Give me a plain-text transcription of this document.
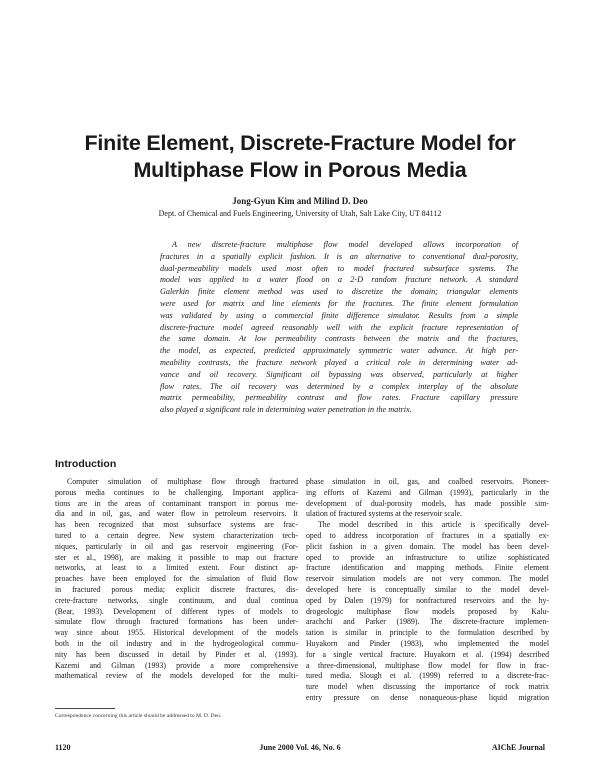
Finite Element, Discrete-Fracture Model for
Multiphase Flow in Porous Media
Jong-Gyun Kim and Milind D. Deo
Dept. of Chemical and Fuels Engineering, University of Utah, Salt Lake City, UT 84112
A new discrete-fracture multiphase flow model developed allows incorporation of
fractures in a spatially explicit fashion. It is an alternative to conventional dual-porosity,
dual-permeability models used most often to model fractured subsurface systems. The
model was applied to a water flood on a 2-D random fracture network. A standard
Galerkin finite element method was used to discretize the domain; triangular elements
were used for matrix and line elements for the fractures. The finite element formulation
was validated by using a commercial finite difference simulator. Results from a simple
discrete-fracture model agreed reasonably well with the explicit fracture representation of
the same domain. At low permeability contrasts between the matrix and the fractures,
the model, as expected, predicted approximately symmetric water advance. At high per-
meability contrasts, the fracture network played a critical role in determining water ad-
vance and oil recovery. Significant oil bypassing was observed, particularly at higher
flow rates. The oil recovery was determined by a complex interplay of the absolute
matrix permeability, permeability contrast and flow rates. Fracture capillary pressure
also played a significant role in determining water penetration in the matrix.
Introduction
Computer simulation of multiphase flow through fractured
porous media continues to be challenging. Important applica-
tions are in the areas of contaminant transport in porous me-
dia and in oil, gas, and water flow in petroleum reservoirs. It
has been recognized that most subsurface systems are frac-
tured to a certain degree. New system characterization tech-
niques, particularly in oil and gas reservoir engineering (For-
ster et al., 1998), are making it possible to map out fracture
networks, at least to a limited extent. Four distinct ap-
proaches have been employed for the simulation of fluid flow
in fractured porous media; explicit discrete fractures, dis-
crete-fracture networks, single continuum, and dual continua
(Bear, 1993). Development of different types of models to
simulate flow through fractured formations has been under-
way since about 1955. Historical development of the models
both in the oil industry and in the hydrogeological commu-
nity has been discussed in detail by Pinder et al. (1993).
Kazemi and Gilman (1993) provide a more comprehensive
mathematical review of the models developed for the multi-
phase simulation in oil, gas, and coalbed reservoirs. Pioneer-
ing efforts of Kazemi and Gilman (1993), particularly in the
development of dual-porosity models, has made possible sim-
ulation of fractured systems at the reservoir scale.
The model described in this article is specifically devel-
oped to address incorporation of fractures in a spatially ex-
plicit fashion in a given domain. The model has been devel-
oped to provide an infrastructure to utilize sophisticated
fracture identification and mapping methods. Finite element
reservoir simulation models are not very common. The model
developed here is conceptually similar to the model devel-
oped by Dalen (1979) for nonfractured reservoirs and the hy-
drogeologic multiphase flow models proposed by Kalu-
arachchi and Parker (1989). The discrete-fracture implemen-
tation is similar in principle to the formulation described by
Huyakorn and Pinder (1983), who implemented the model
for a single vertical fracture. Huyakorn et al. (1994) described
a three-dimensional, multiphase flow model for flow in frac-
tured media. Slough et al. (1999) referred to a discrete-frac-
ture model when discussing the importance of rock matrix
entry pressure on dense nonaqueous-phase liquid migration
Correspondence concerning this article should be addressed to M. D. Deo.
1120	June 2000 Vol. 46, No. 6	AIChE Journal
